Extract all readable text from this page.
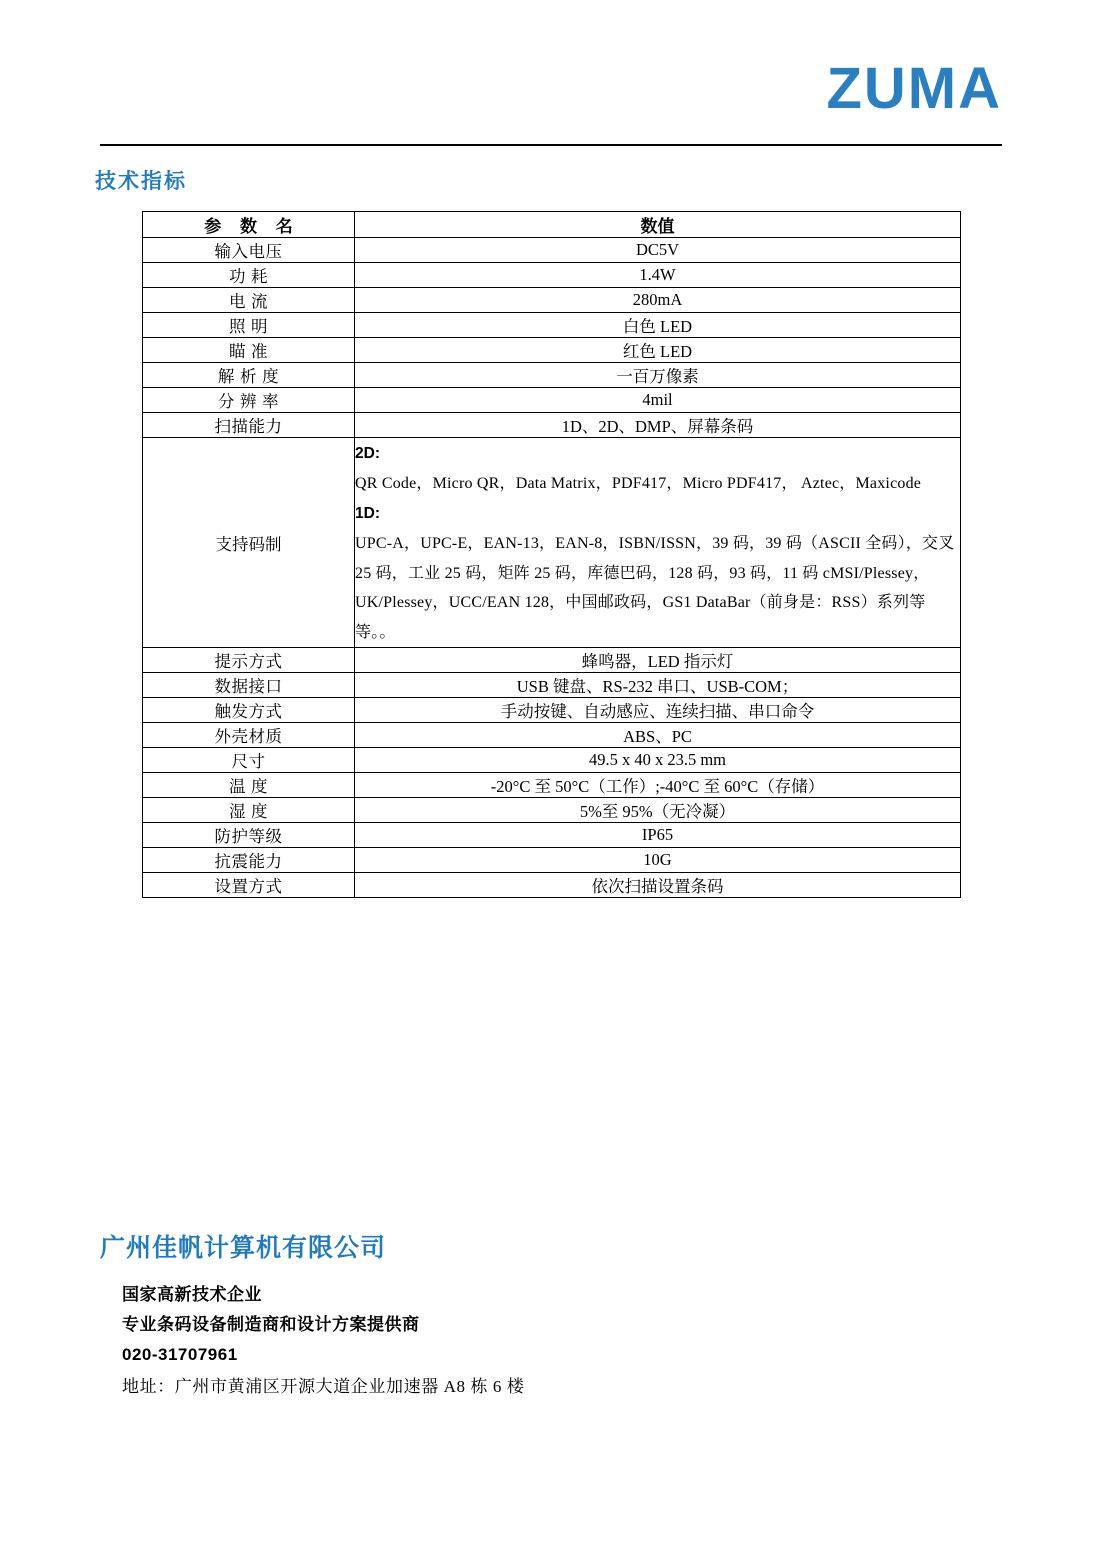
ZUMA
技术指标
参 数 名	数值
输入电压	DC5V
功 耗	1.4W
电 流	280mA
照 明	白色 LED
瞄 准	红色 LED
解 析 度	一百万像素
分 辨 率	4mil
扫描能力	1D、2D、DMP、屏幕条码
支持码制	2D:
QR Code，Micro QR，Data Matrix，PDF417，Micro PDF417， Aztec，Maxicode
1D:
UPC-A，UPC-E，EAN-13，EAN-8，ISBN/ISSN，39 码，39 码（ASCII 全码），交叉 25 码，工业 25 码，矩阵 25 码，库德巴码，128 码，93 码，11 码 cMSI/Plessey，UK/Plessey，UCC/EAN 128，中国邮政码，GS1 DataBar（前身是：RSS）系列等等。。

提示方式	蜂鸣器，LED 指示灯
数据接口	USB 键盘、RS-232 串口、USB-COM；
触发方式	手动按键、自动感应、连续扫描、串口命令
外壳材质	ABS、PC
尺寸	49.5 x 40 x 23.5 mm
温 度	-20°C 至 50°C（工作）;-40°C 至 60°C（存储）
湿 度	5%至 95%（无冷凝）
防护等级	IP65
抗震能力	10G
设置方式	依次扫描设置条码
广州佳帆计算机有限公司
国家高新技术企业
专业条码设备制造商和设计方案提供商
020-31707961
地址：广州市黄浦区开源大道企业加速器 A8 栋 6 楼
